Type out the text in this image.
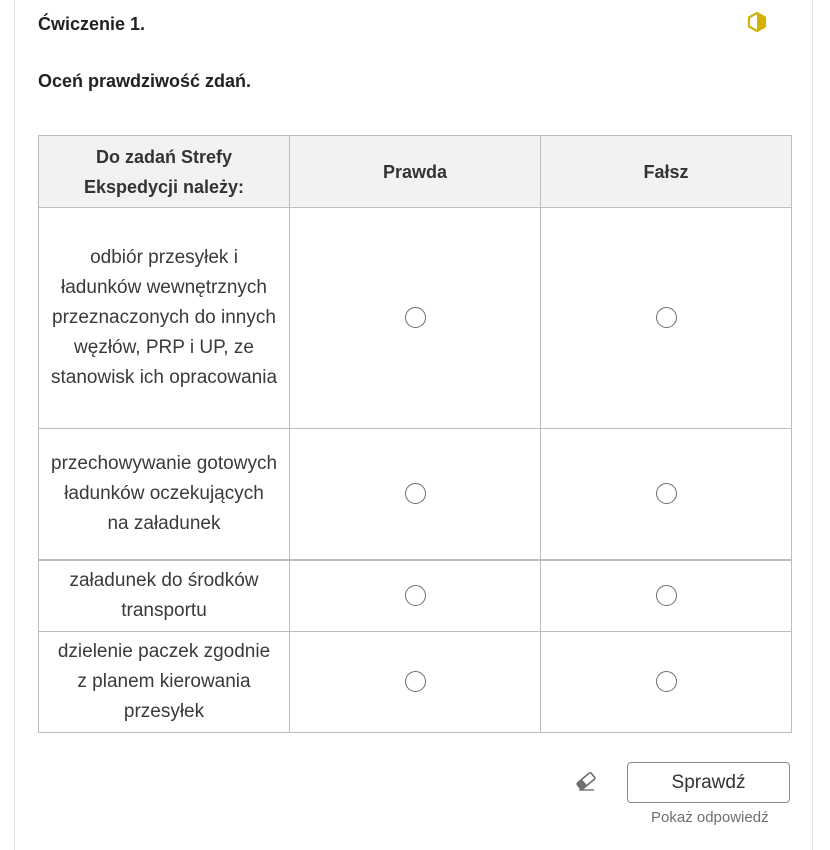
Ćwiczenie 1.
Oceń prawdziwość zdań.
Do zadań Strefy Ekspedycji należy:	Prawda	Fałsz
odbiór przesyłek i ładunków wewnętrznych przeznaczonych do innych węzłów, PRP i UP, ze stanowisk ich opracowania		
przechowywanie gotowych ładunków oczekujących na załadunek		
załadunek do środków transportu		
dzielenie paczek zgodnie z planem kierowania przesyłek		
Sprawdź
Pokaż odpowiedź
